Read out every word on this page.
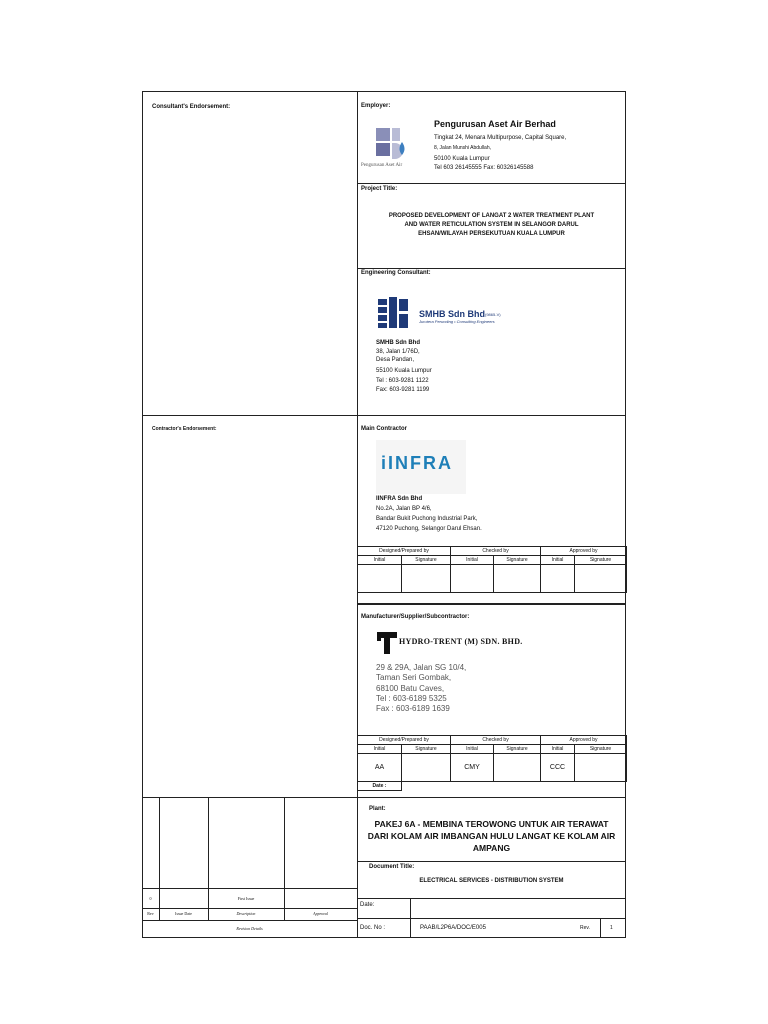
Consultant's Endorsement:
Contractor's Endorsement:
Employer:
Pengurusan Aset Air
Pengurusan Aset Air Berhad
Tingkat 24, Menara Multipurpose, Capital Square,
8, Jalan Munshi Abdullah,
50100 Kuala Lumpur
Tel 603 26145555 Fax: 60326145588
Project Title:
PROPOSED DEVELOPMENT OF LANGAT 2 WATER TREATMENT PLANT
AND WATER RETICULATION SYSTEM IN SELANGOR DARUL
EHSAN/WILAYAH PERSEKUTUAN KUALA LUMPUR
Engineering Consultant:
SMHB Sdn Bhd (9865-V)
Jurutera Perunding • Consulting Engineers
SMHB Sdn Bhd
38, Jalan 1/76D,
Desa Pandan,
55100 Kuala Lumpur
Tel : 603-9281 1122
Fax: 603-9281 1199
Main Contractor
iINFRA
IINFRA Sdn Bhd
No.2A, Jalan BP 4/6,
Bandar Bukit Puchong Industrial Park,
47120 Puchong, Selangor Darul Ehsan.
Designed/Prepared by		Checked by		Approved by	
Initial	Signature	Initial	Signature	Initial	Signature

Manufacturer/Supplier/Subcontractor:
HYDRO-TRENT (M) SDN. BHD.
29 & 29A, Jalan SG 10/4,
Taman Seri Gombak,
68100 Batu Caves,
Tel : 603-6189 5325
Fax : 603-6189 1639
Designed/Prepared by		Checked by		Approved by	
Initial	Signature	Initial	Signature	Initial	Signature
AA		CMY		CCC	
Date :					
Plant:
PAKEJ 6A - MEMBINA TEROWONG UNTUK AIR TERAWAT
DARI KOLAM AIR IMBANGAN HULU LANGAT KE KOLAM AIR
AMPANG
Document Title:
ELECTRICAL SERVICES - DISTRIBUTION SYSTEM
Date:
Doc. No :	PAAB/L2P6A/DOC/E005	Rev.	1
0	First Issue
Rev	Issue Date	Description	Approval
Revision Details
